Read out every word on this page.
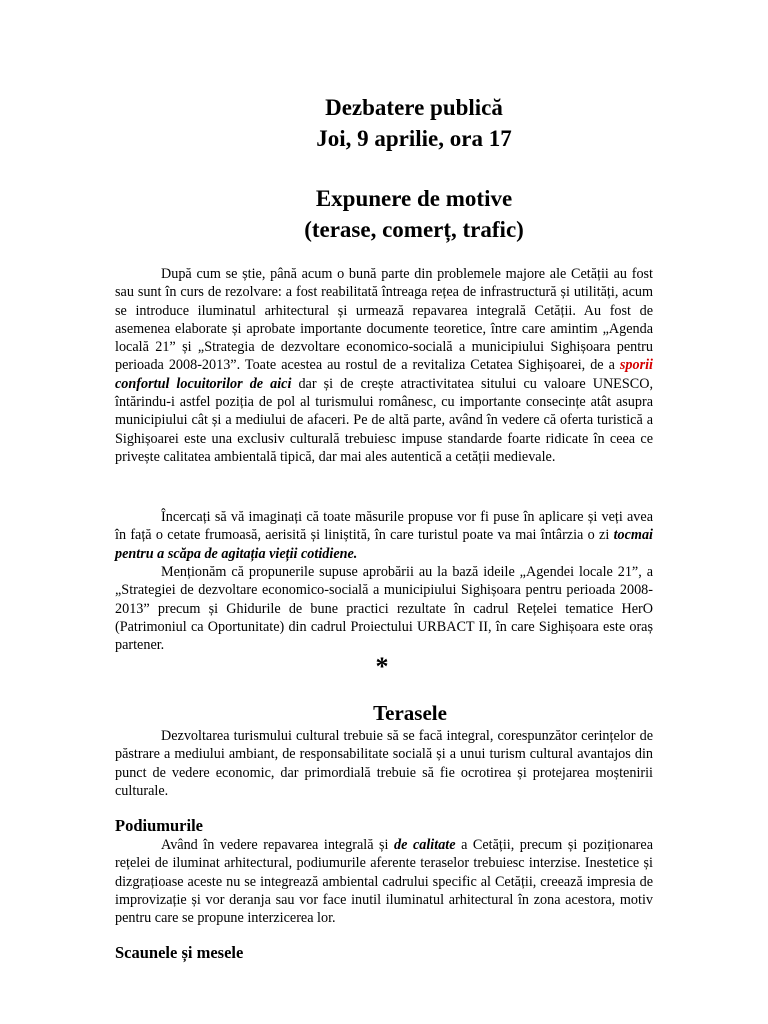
Dezbatere publică
Joi, 9 aprilie, ora 17
Expunere de motive
(terase, comerț, trafic)
După cum se știe, până acum o bună parte din problemele majore ale Cetății au fost sau sunt în curs de rezolvare: a fost reabilitată întreaga rețea de infrastructură și utilități, acum se introduce iluminatul arhitectural și urmează repavarea integrală Cetății. Au fost de asemenea elaborate și aprobate importante documente teoretice, între care amintim „Agenda locală 21” și „Strategia de dezvoltare economico-socială a municipiului Sighișoara pentru perioada 2008-2013”. Toate acestea au rostul de a revitaliza Cetatea Sighișoarei, de a sporii confortul locuitorilor de aici dar și de crește atractivitatea sitului cu valoare UNESCO, întărindu-i astfel poziția de pol al turismului românesc, cu importante consecințe atât asupra municipiului cât și a mediului de afaceri. Pe de altă parte, având în vedere că oferta turistică a Sighișoarei este una exclusiv culturală trebuiesc impuse standarde foarte ridicate în ceea ce privește calitatea ambientală tipică, dar mai ales autentică a cetății medievale.
Încercați să vă imaginați că toate măsurile propuse vor fi puse în aplicare și veți avea în față o cetate frumoasă, aerisită și liniștită, în care turistul poate va mai întârzia o zi tocmai pentru a scăpa de agitația vieții cotidiene.
Menționăm că propunerile supuse aprobării au la bază ideile „Agendei locale 21”, a „Strategiei de dezvoltare economico-socială a municipiului Sighișoara pentru perioada 2008-2013” precum și Ghidurile de bune practici rezultate în cadrul Rețelei tematice HerO (Patrimoniul ca Oportunitate) din cadrul Proiectului URBACT II, în care Sighișoara este oraș partener.
*
Terasele
Dezvoltarea turismului cultural trebuie să se facă integral, corespunzător cerințelor de păstrare a mediului ambiant, de responsabilitate socială și a unui turism cultural avantajos din punct de vedere economic, dar primordială trebuie să fie ocrotirea și protejarea moștenirii culturale.
Podiumurile
Având în vedere repavarea integrală și de calitate a Cetății, precum și poziționarea rețelei de iluminat arhitectural, podiumurile aferente teraselor trebuiesc interzise. Inestetice și dizgrațioase aceste nu se integrează ambiental cadrului specific al Cetății, creează impresia de improvizație și vor deranja sau vor face inutil iluminatul arhitectural în zona acestora, motiv pentru care se propune interzicerea lor.
Scaunele și mesele
